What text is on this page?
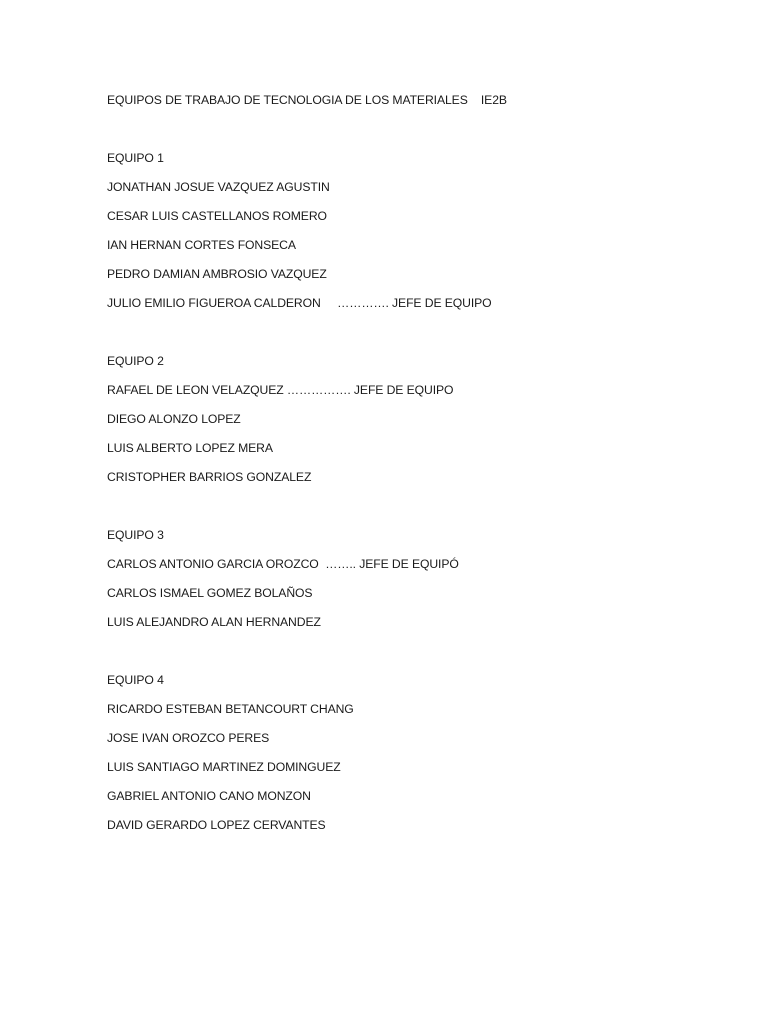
EQUIPOS DE TRABAJO DE TECNOLOGIA DE LOS MATERIALES IE2B
EQUIPO 1
JONATHAN JOSUE VAZQUEZ AGUSTIN
CESAR LUIS CASTELLANOS ROMERO
IAN HERNAN CORTES FONSECA
PEDRO DAMIAN AMBROSIO VAZQUEZ
JULIO EMILIO FIGUEROA CALDERON     …………. JEFE DE EQUIPO
EQUIPO 2
RAFAEL DE LEON VELAZQUEZ ……………. JEFE DE EQUIPO
DIEGO ALONZO LOPEZ
LUIS ALBERTO LOPEZ MERA
CRISTOPHER BARRIOS GONZALEZ
EQUIPO 3
CARLOS ANTONIO GARCIA OROZCO  …….. JEFE DE EQUIPÓ
CARLOS ISMAEL GOMEZ BOLAÑOS
LUIS ALEJANDRO ALAN HERNANDEZ
EQUIPO 4
RICARDO ESTEBAN BETANCOURT CHANG
JOSE IVAN OROZCO PERES
LUIS SANTIAGO MARTINEZ DOMINGUEZ
GABRIEL ANTONIO CANO MONZON
DAVID GERARDO LOPEZ CERVANTES
